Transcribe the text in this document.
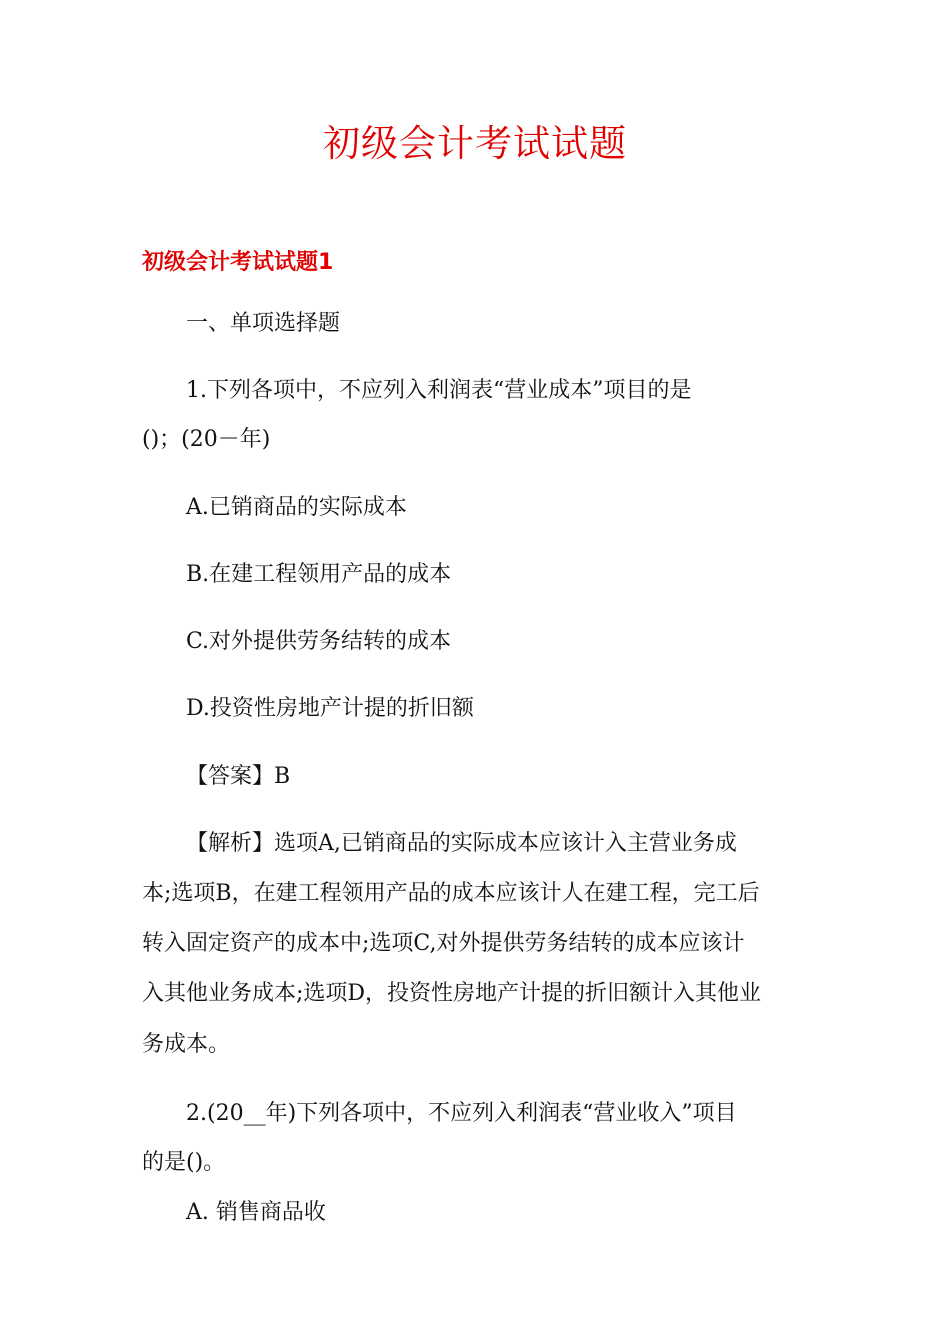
初级会计考试试题
初级会计考试试题1
一、单项选择题
1.下列各项中，不应列入利润表“营业成本”项目的是
()；(20－年)
A.已销商品的实际成本
B.在建工程领用产品的成本
C.对外提供劳务结转的成本
D.投资性房地产计提的折旧额
【答案】B
【解析】选项A,已销商品的实际成本应该计入主营业务成
本;选项B，在建工程领用产品的成本应该计人在建工程，完工后
转入固定资产的成本中;选项C,对外提供劳务结转的成本应该计
入其他业务成本;选项D，投资性房地产计提的折旧额计入其他业
务成本。
2.(20__年)下列各项中，不应列入利润表“营业收入”项目
的是()。
A. 销售商品收
